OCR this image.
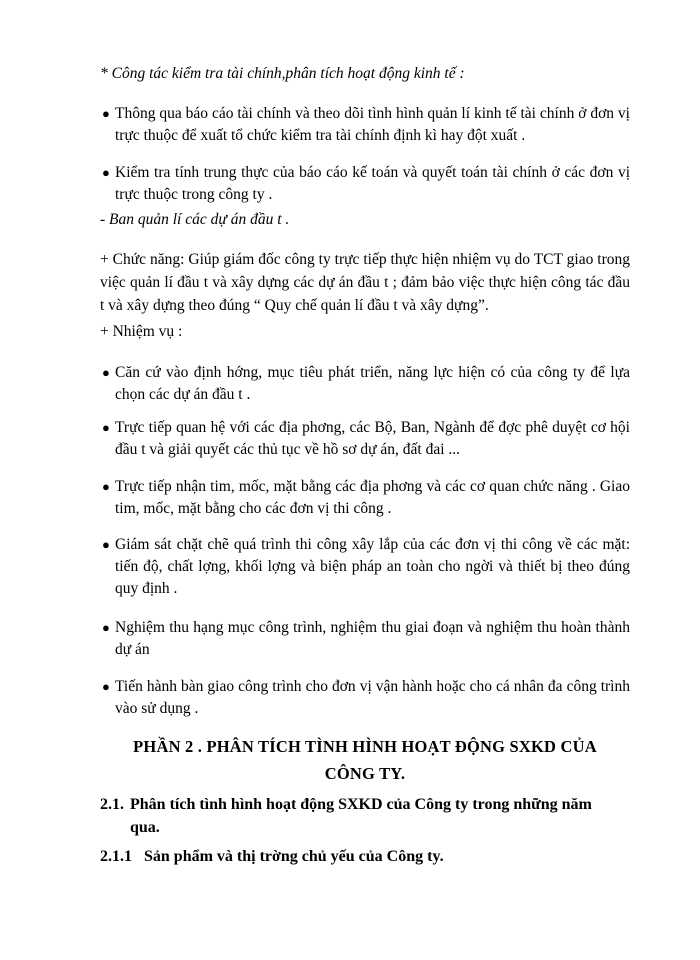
* Công tác kiểm tra tài chính,phân tích hoạt động kinh tế :
● Thông qua báo cáo tài chính và theo dõi tình hình quản lí kinh tế tài chính ở đơn vị trực thuộc để xuất tổ chức kiểm tra tài chính định kì hay đột xuất .
● Kiểm tra tính trung thực của báo cáo kế toán và quyết toán tài chính ở các đơn vị trực thuộc trong công ty .
- Ban quản lí các dự án đầu t .
+ Chức năng: Giúp giám đốc công ty trực tiếp thực hiện nhiệm vụ do TCT giao trong việc quản lí đầu t và xây dựng các dự án đầu t ; đảm bảo việc thực hiện công tác đầu t và xây dựng theo đúng “ Quy chế quản lí đầu t và xây dựng”.
+ Nhiệm vụ :
● Căn cứ vào định hớng, mục tiêu phát triển, năng lực hiện có của công ty để lựa chọn các dự án đầu t .
● Trực tiếp quan hệ với các địa phơng, các Bộ, Ban, Ngành để đợc phê duyệt cơ hội đầu t và giải quyết các thủ tục về hồ sơ dự án, đất đai ...
● Trực tiếp nhận tim, mốc, mặt bằng các địa phơng và các cơ quan chức năng . Giao tim, mốc, mặt bằng cho các đơn vị thi công .
● Giám sát chặt chẽ quá trình thi công xây lắp của các đơn vị thi công về các mặt: tiến độ, chất lợng, khối lợng và biện pháp an toàn cho ngời và thiết bị theo đúng quy định .
● Nghiệm thu hạng mục công trình, nghiệm thu giai đoạn và nghiệm thu hoàn thành dự án
● Tiến hành bàn giao công trình cho đơn vị vận hành hoặc cho cá nhân đa công trình vào sử dụng .
PHẦN 2 . PHÂN TÍCH TÌNH HÌNH HOẠT ĐỘNG SXKD CỦA
CÔNG TY.
2.1. Phân tích tình hình hoạt động SXKD của Công ty trong những năm
qua.
2.1.1 Sản phẩm và thị trờng chủ yếu của Công ty.
